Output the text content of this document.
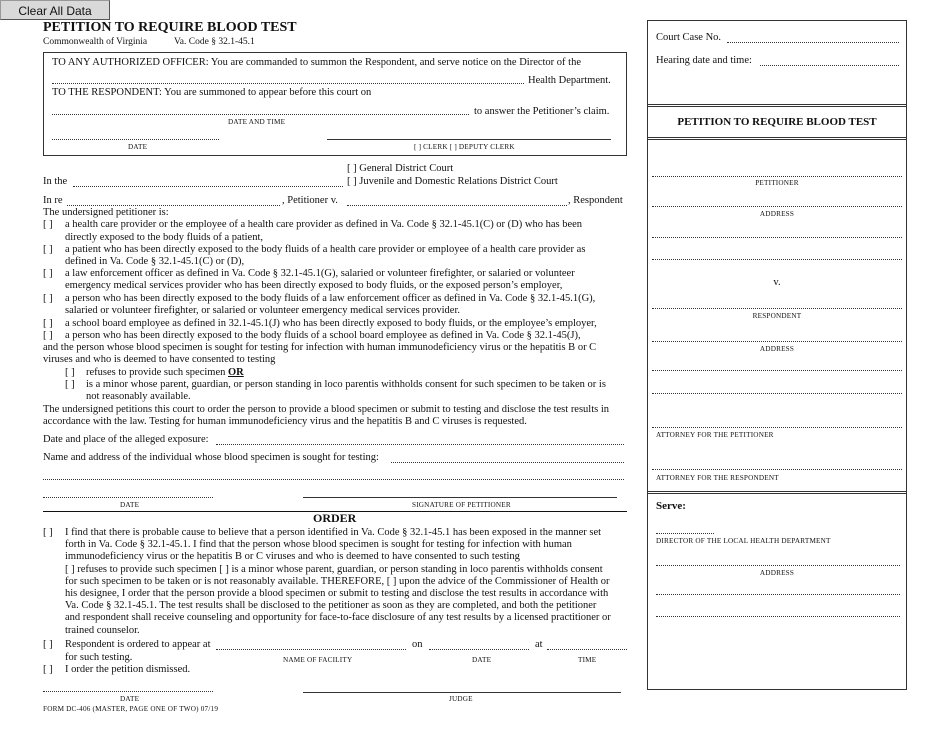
Clear All Data
PETITION TO REQUIRE BLOOD TEST
Commonwealth of Virginia	Va. Code § 32.1-45.1
TO ANY AUTHORIZED OFFICER: You are commanded to summon the Respondent, and serve notice on the Director of the
Health Department.
TO THE RESPONDENT: You are summoned to appear before this court on
to answer the Petitioner’s claim.
DATE AND TIME
DATE	[ ] CLERK [ ] DEPUTY CLERK
[ ] General District Court
In the	[ ] Juvenile and Domestic Relations District Court
In re	, Petitioner v.	, Respondent
The undersigned petitioner is:
[ ] a health care provider or the employee of a health care provider as defined in Va. Code § 32.1-45.1(C) or (D) who has been
directly exposed to the body fluids of a patient,
[ ] a patient who has been directly exposed to the body fluids of a health care provider or employee of a health care provider as
defined in Va. Code § 32.1-45.1(C) or (D),
[ ] a law enforcement officer as defined in Va. Code § 32.1-45.1(G), salaried or volunteer firefighter, or salaried or volunteer
emergency medical services provider who has been directly exposed to body fluids, or the exposed person’s employer,
[ ] a person who has been directly exposed to the body fluids of a law enforcement officer as defined in Va. Code § 32.1-45.1(G),
salaried or volunteer firefighter, or salaried or volunteer emergency medical services provider.
[ ] a school board employee as defined in 32.1-45.1(J) who has been directly exposed to body fluids, or the employee’s employer,
[ ] a person who has been directly exposed to the body fluids of a school board employee as defined in Va. Code § 32.1-45(J),
and the person whose blood specimen is sought for testing for infection with human immunodeficiency virus or the hepatitis B or C
viruses and who is deemed to have consented to testing
[ ] refuses to provide such specimen OR
[ ] is a minor whose parent, guardian, or person standing in loco parentis withholds consent for such specimen to be taken or is
not reasonably available.
The undersigned petitions this court to order the person to provide a blood specimen or submit to testing and disclose the test results in
accordance with the law. Testing for human immunodeficiency virus and the hepatitis B and C viruses is requested.
Date and place of the alleged exposure:
Name and address of the individual whose blood specimen is sought for testing:
DATE	SIGNATURE OF PETITIONER
ORDER
[ ] I find that there is probable cause to believe that a person identified in Va. Code § 32.1-45.1 has been exposed in the manner set
forth in Va. Code § 32.1-45.1. I find that the person whose blood specimen is sought for testing for infection with human
immunodeficiency virus or the hepatitis B or C viruses and who is deemed to have consented to such testing
[ ] refuses to provide such specimen [ ] is a minor whose parent, guardian, or person standing in loco parentis withholds consent
for such specimen to be taken or is not reasonably available. THEREFORE, [ ] upon the advice of the Commissioner of Health or
his designee, I order that the person provide a blood specimen or submit to testing and disclose the test results in accordance with
Va. Code § 32.1-45.1. The test results shall be disclosed to the petitioner as soon as they are completed, and both the petitioner
and respondent shall receive counseling and opportunity for face-to-face disclosure of any test results by a licensed practitioner or
trained counselor.
[ ] Respondent is ordered to appear at	on	at
for such testing.	NAME OF FACILITY	DATE	TIME
[ ] I order the petition dismissed.
DATE	JUDGE
FORM DC-406 (MASTER, PAGE ONE OF TWO) 07/19
Court Case No.
Hearing date and time:
PETITION TO REQUIRE BLOOD TEST
PETITIONER
ADDRESS
v.
RESPONDENT
ADDRESS
ATTORNEY FOR THE PETITIONER
ATTORNEY FOR THE RESPONDENT
Serve:
DIRECTOR OF THE LOCAL HEALTH DEPARTMENT
ADDRESS
